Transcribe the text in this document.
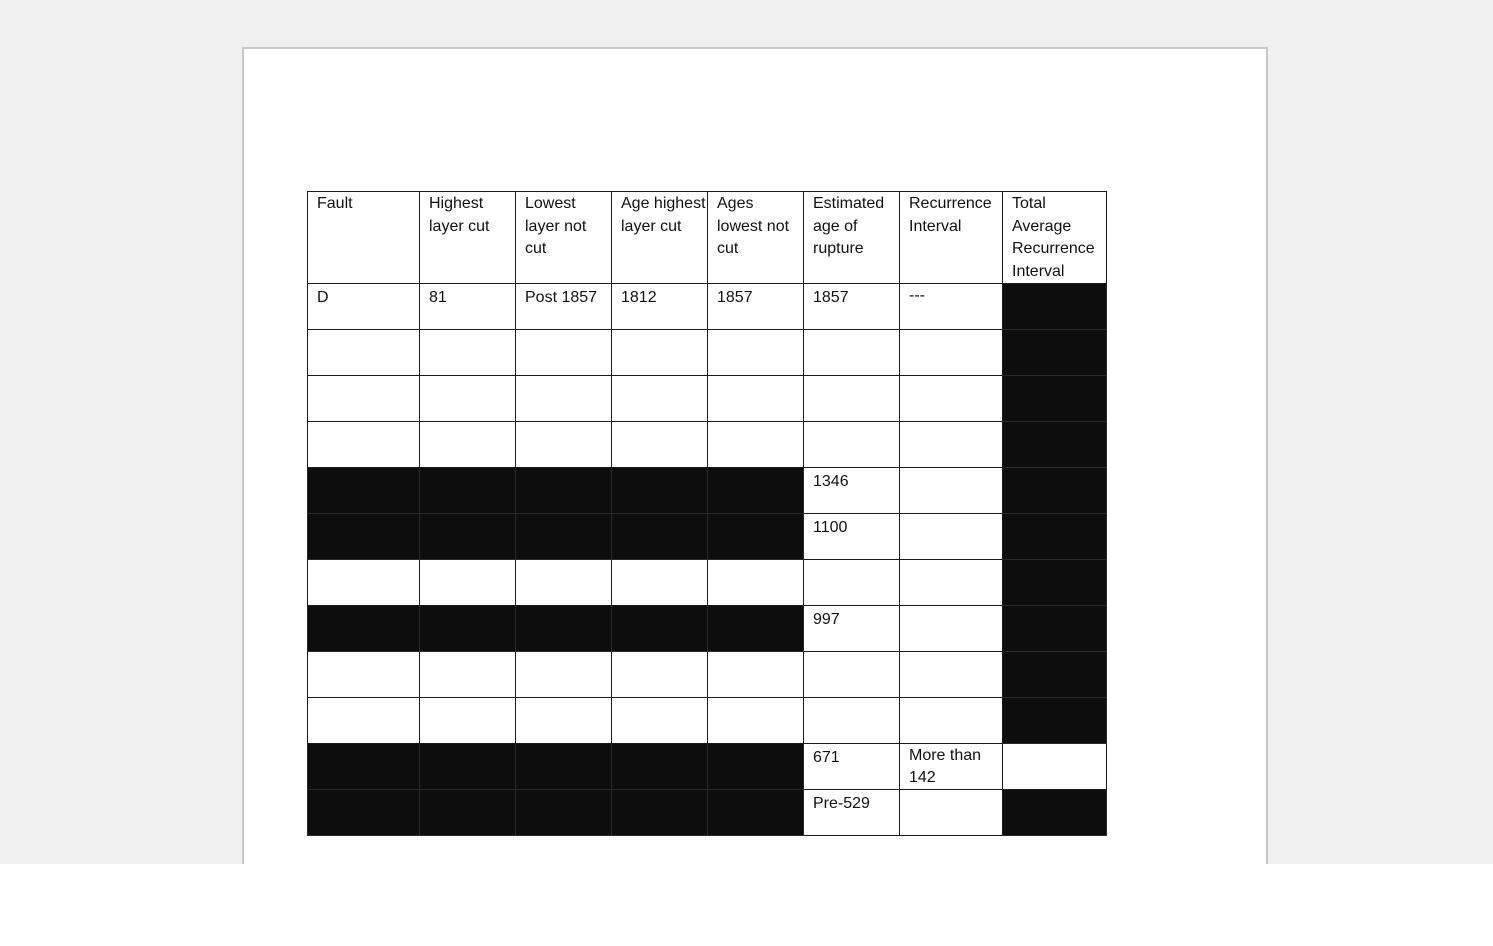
Fault	Highest layer cut	Lowest layer not cut	Age highest layer cut	Ages lowest not cut	Estimated age of rupture	Recurrence Interval	Total Average Recurrence Interval
D	81	Post 1857	1812	1857	1857	---	

					1346		
					1100		

					997		

					671	More than 142	
					Pre-529		
